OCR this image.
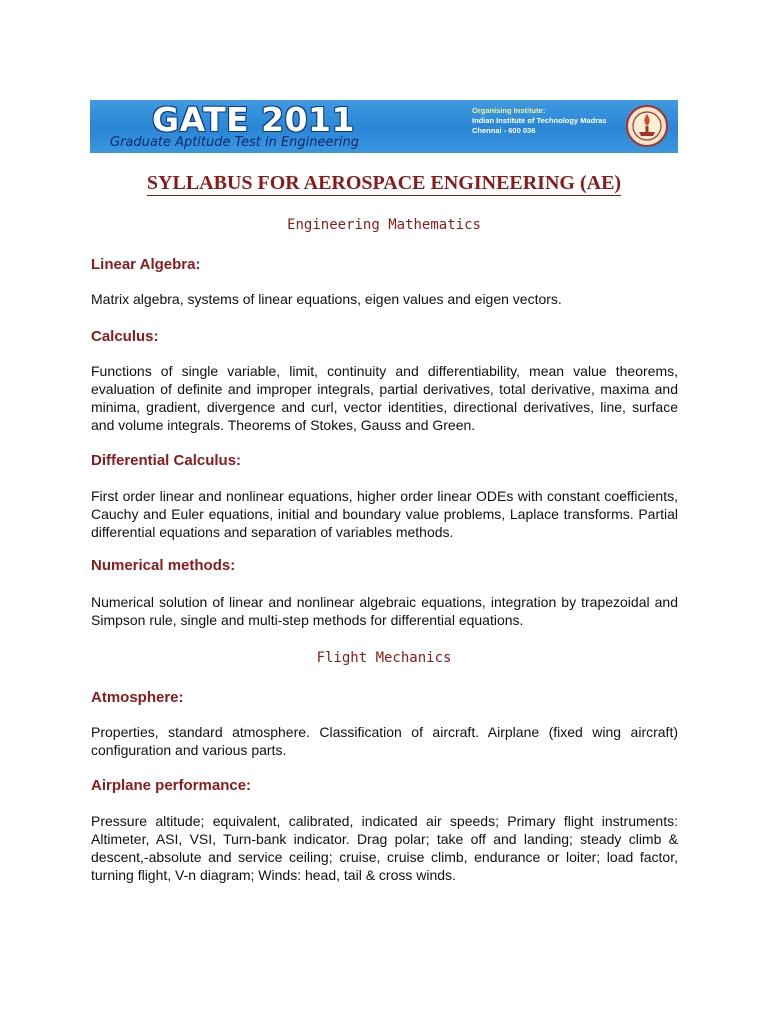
GATE 2011
Graduate Aptitude Test in Engineering
Organising Institute:
Indian Institute of Technology Madras
Chennai - 600 036
SYLLABUS FOR AEROSPACE ENGINEERING (AE)
Engineering Mathematics
Linear Algebra:
Matrix algebra, systems of linear equations, eigen values and eigen vectors.
Calculus:
Functions of single variable, limit, continuity and differentiability, mean value theorems, evaluation of definite and improper integrals, partial derivatives, total derivative, maxima and minima, gradient, divergence and curl, vector identities, directional derivatives, line, surface and volume integrals. Theorems of Stokes, Gauss and Green.
Differential Calculus:
First order linear and nonlinear equations, higher order linear ODEs with constant coefficients, Cauchy and Euler equations, initial and boundary value problems, Laplace transforms. Partial differential equations and separation of variables methods.
Numerical methods:
Numerical solution of linear and nonlinear algebraic equations, integration by trapezoidal and Simpson rule, single and multi-step methods for differential equations.
Flight Mechanics
Atmosphere:
Properties, standard atmosphere. Classification of aircraft. Airplane (fixed wing aircraft) configuration and various parts.
Airplane performance:
Pressure altitude; equivalent, calibrated, indicated air speeds; Primary flight instruments: Altimeter, ASI, VSI, Turn-bank indicator. Drag polar; take off and landing; steady climb & descent,-absolute and service ceiling; cruise, cruise climb, endurance or loiter; load factor, turning flight, V-n diagram; Winds: head, tail & cross winds.
